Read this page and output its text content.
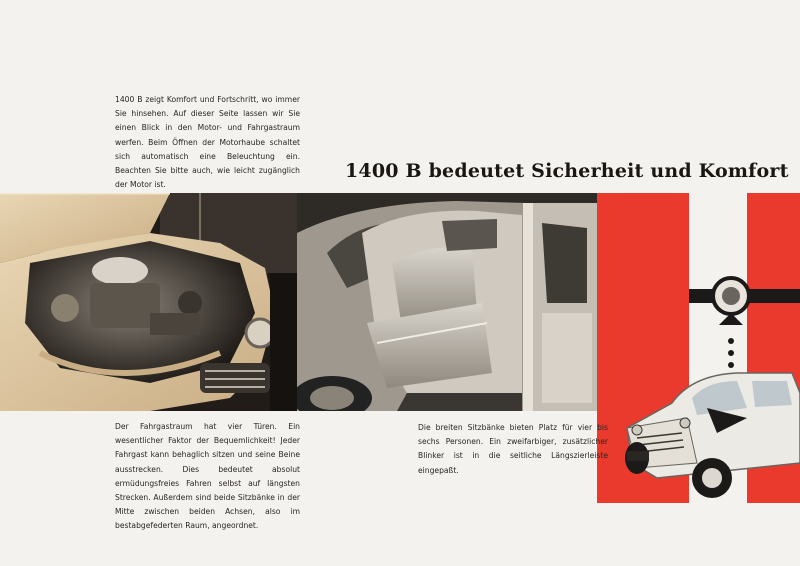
1400 B zeigt Komfort und Fortschritt, wo immer Sie hinsehen. Auf dieser Seite lassen wir Sie einen Blick in den Motor- und Fahrgastraum werfen. Beim Öffnen der Motorhaube schaltet sich automatisch eine Beleuchtung ein. Beachten Sie bitte auch, wie leicht zugänglich der Motor ist.

1400 B bedeutet Sicherheit und Komfort

Der Fahrgastraum hat vier Türen. Ein wesentlicher Faktor der Bequemlichkeit! Jeder Fahrgast kann behaglich sitzen und seine Beine ausstrecken. Dies bedeutet absolut ermüdungsfreies Fahren selbst auf längsten Strecken. Außerdem sind beide Sitzbänke in der Mitte zwischen beiden Achsen, also im bestabgefederten Raum, angeordnet.

Die breiten Sitzbänke bieten Platz für vier bis sechs Personen. Ein zweifarbiger, zusätzlicher Blinker ist in die seitliche Längszierleiste eingepaßt.
